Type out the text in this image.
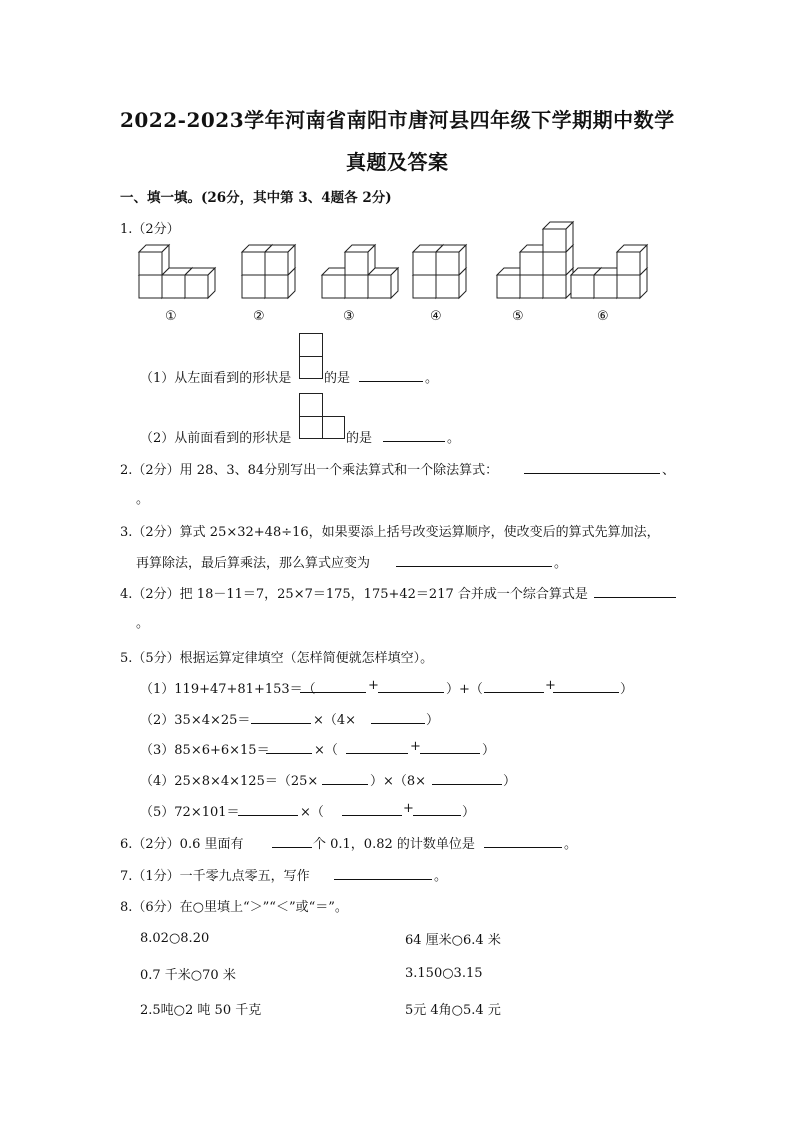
2022-2023学年河南省南阳市唐河县四年级下学期期中数学
真题及答案
一、填一填。(26分，其中第 3、4题各 2分)
1.（2分）
①	②	③	④	⑤	⑥
（1）从左面看到的形状是	的是	。
（2）从前面看到的形状是	的是	。
2.（2分）用 28、3、84分别写出一个乘法算式和一个除法算式：	、
。
3.（2分）算式 25×32+48÷16，如果要添上括号改变运算顺序，使改变后的算式先算加法，
再算除法，最后算乘法，那么算式应变为	。
4.（2分）把 18－11＝7，25×7＝175，175+42＝217 合并成一个综合算式是
。
5.（5分）根据运算定律填空（怎样简便就怎样填空）。
（1）119+47+81+153＝（	+	）+（	+	）
（2）35×4×25＝	×（4×	）
（3）85×6+6×15＝	×（	+	）
（4）25×8×4×125＝（25×	）×（8×	）
（5）72×101＝	×（	+	）
6.（2分）0.6 里面有	个 0.1，0.82 的计数单位是	。
7.（1分）一千零九点零五，写作	。
8.（6分）在○里填上“＞”“＜”或“＝”。
8.02○8.20	64 厘米○6.4 米
0.7 千米○70 米	3.150○3.15
2.5吨○2 吨 50 千克	5元 4角○5.4 元
